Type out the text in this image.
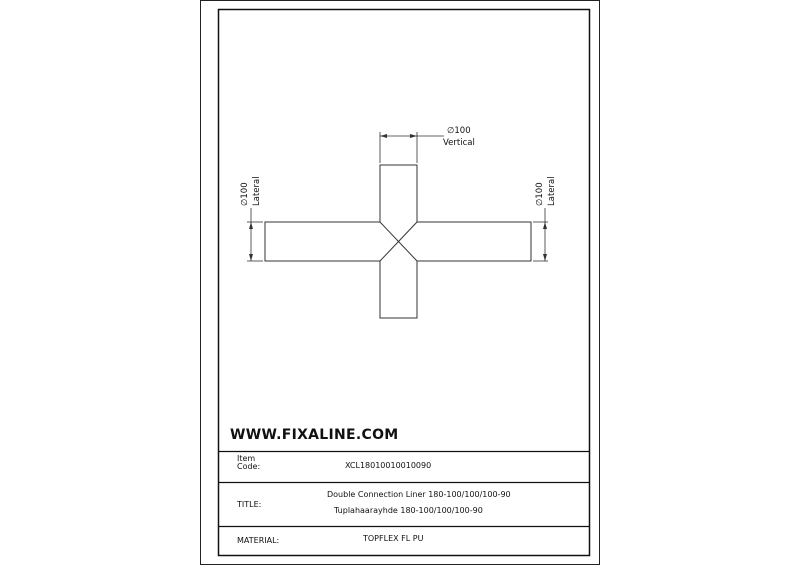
∅100
Vertical
∅100 Lateral	∅100 Lateral
WWW.FIXALINE.COM
Item
Code:	XCL18010010010090
TITLE:
Double Connection Liner 180-100/100/100-90
Tuplahaarayhde 180-100/100/100-90
MATERIAL:	TOPFLEX FL PU
